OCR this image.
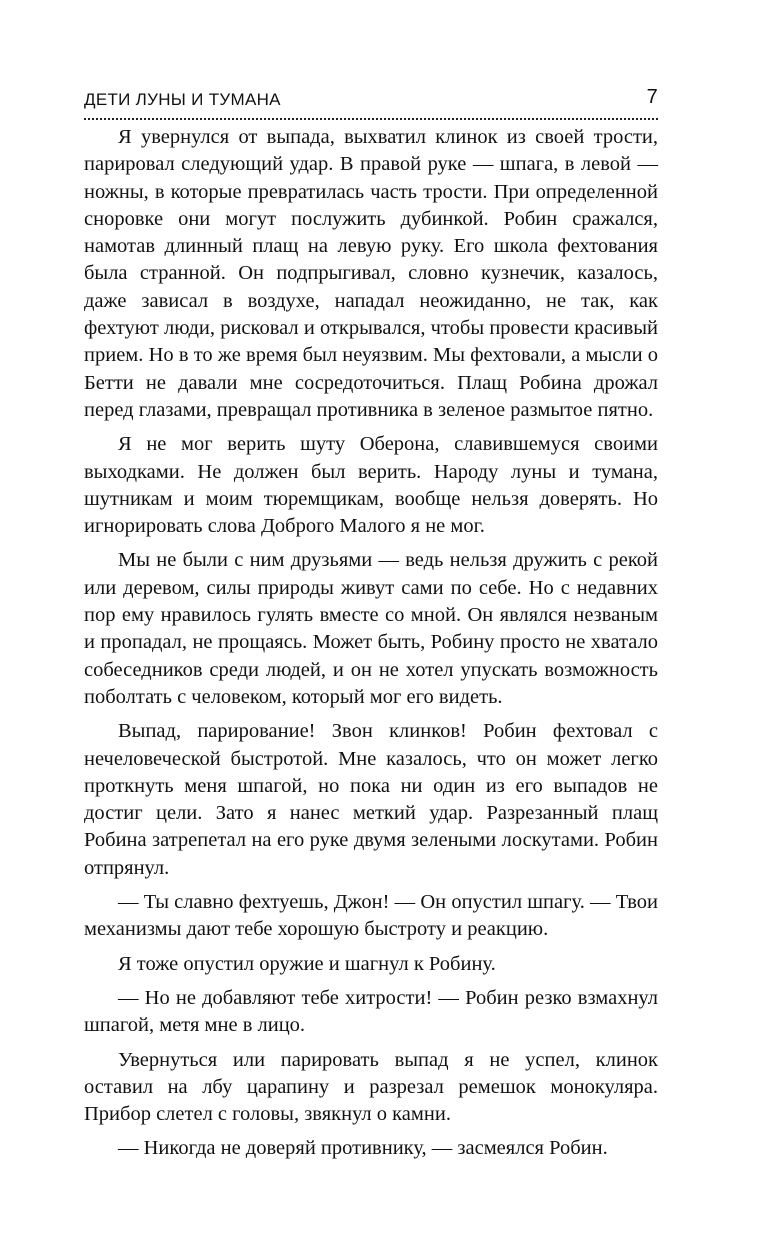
ДЕТИ ЛУНЫ И ТУМАНА	7

Я увернулся от выпада, выхватил клинок из своей трости, парировал следующий удар. В правой руке — шпага, в левой — ножны, в которые превратилась часть трости. При определенной сноровке они могут послужить дубинкой. Робин сражался, намотав длинный плащ на левую руку. Его школа фехтования была странной. Он подпрыгивал, словно кузнечик, казалось, даже зависал в воздухе, нападал неожиданно, не так, как фехтуют люди, рисковал и открывался, чтобы провести красивый прием. Но в то же время был неуязвим. Мы фехтовали, а мысли о Бетти не давали мне сосредоточиться. Плащ Робина дрожал перед глазами, превращал противника в зеленое размытое пятно.

Я не мог верить шуту Оберона, славившемуся своими выходками. Не должен был верить. Народу луны и тумана, шутникам и моим тюремщикам, вообще нельзя доверять. Но игнорировать слова Доброго Малого я не мог.

Мы не были с ним друзьями — ведь нельзя дружить с рекой или деревом, силы природы живут сами по себе. Но с недавних пор ему нравилось гулять вместе со мной. Он являлся незваным и пропадал, не прощаясь. Может быть, Робину просто не хватало собеседников среди людей, и он не хотел упускать возможность поболтать с человеком, который мог его видеть.

Выпад, парирование! Звон клинков! Робин фехтовал с нечеловеческой быстротой. Мне казалось, что он может легко проткнуть меня шпагой, но пока ни один из его выпадов не достиг цели. Зато я нанес меткий удар. Разрезанный плащ Робина затрепетал на его руке двумя зелеными лоскутами. Робин отпрянул.

— Ты славно фехтуешь, Джон! — Он опустил шпагу. — Твои механизмы дают тебе хорошую быстроту и реакцию.

Я тоже опустил оружие и шагнул к Робину.

— Но не добавляют тебе хитрости! — Робин резко взмахнул шпагой, метя мне в лицо.

Увернуться или парировать выпад я не успел, клинок оставил на лбу царапину и разрезал ремешок монокуляра. Прибор слетел с головы, звякнул о камни.

— Никогда не доверяй противнику, — засмеялся Робин.
